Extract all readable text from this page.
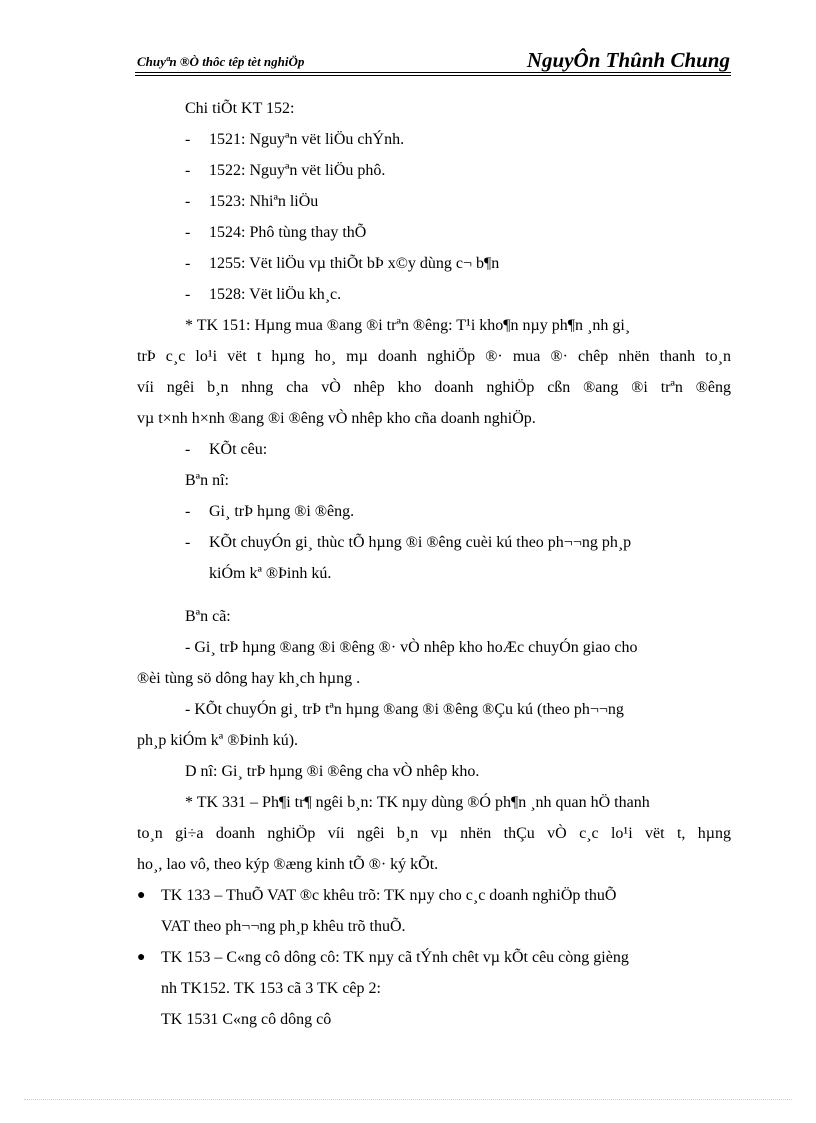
Chuyªn ®Ò thôc têp tèt nghiÖp	NguyÔn Thûnh Chung
Chi tiÕt KT 152:
- 1521: Nguyªn vët liÖu chÝnh.
- 1522: Nguyªn vët liÖu phô.
- 1523: Nhiªn liÖu
- 1524: Phô tùng thay thÕ
- 1255: Vët liÖu vµ thiÕt bÞ x©y dùng c¬ b¶n
- 1528: Vët liÖu kh¸c.
* TK 151: Hµng mua ®ang ®i trªn ®êng: T¹i kho¶n nµy ph¶n ¸nh gi¸
trÞ c¸c lo¹i vët t hµng ho¸ mµ doanh nghiÖp ®· mua ®· chêp nhën thanh to¸n
víi ngêi b¸n nhng cha vÒ nhêp kho doanh nghiÖp cßn ®ang ®i trªn ®êng
vµ t×nh h×nh ®ang ®i ®êng vÒ nhêp kho cña doanh nghiÖp.
- KÕt cêu:
Bªn nî:
- Gi¸ trÞ hµng ®i ®êng.
- KÕt chuyÓn gi¸ thùc tÕ hµng ®i ®êng cuèi kú theo ph¬¬ng ph¸p
kiÓm kª ®Þinh kú.
Bªn cã:
- Gi¸ trÞ hµng ®ang ®i ®êng ®· vÒ nhêp kho hoÆc chuyÓn giao cho
®èi tùng sö dông hay kh¸ch hµng .
- KÕt chuyÓn gi¸ trÞ tªn hµng ®ang ®i ®êng ®Çu kú (theo ph¬¬ng
ph¸p kiÓm kª ®Þinh kú).
D nî: Gi¸ trÞ hµng ®i ®êng cha vÒ nhêp kho.
* TK 331 – Ph¶i tr¶ ngêi b¸n: TK nµy dùng ®Ó ph¶n ¸nh quan hÖ thanh
to¸n gi÷a doanh nghiÖp víi ngêi b¸n vµ nhën thÇu vÒ c¸c lo¹i vët t, hµng
ho¸, lao vô, theo kýp ®æng kinh tÕ ®· ký kÕt.
● TK 133 – ThuÕ VAT ®c khêu trõ: TK nµy cho c¸c doanh nghiÖp thuÕ
VAT theo ph¬¬ng ph¸p khêu trõ thuÕ.
● TK 153 – C«ng cô dông cô: TK nµy cã tÝnh chêt vµ kÕt cêu còng gièng
nh TK152. TK 153 cã 3 TK cêp 2:
TK 1531 C«ng cô dông cô
